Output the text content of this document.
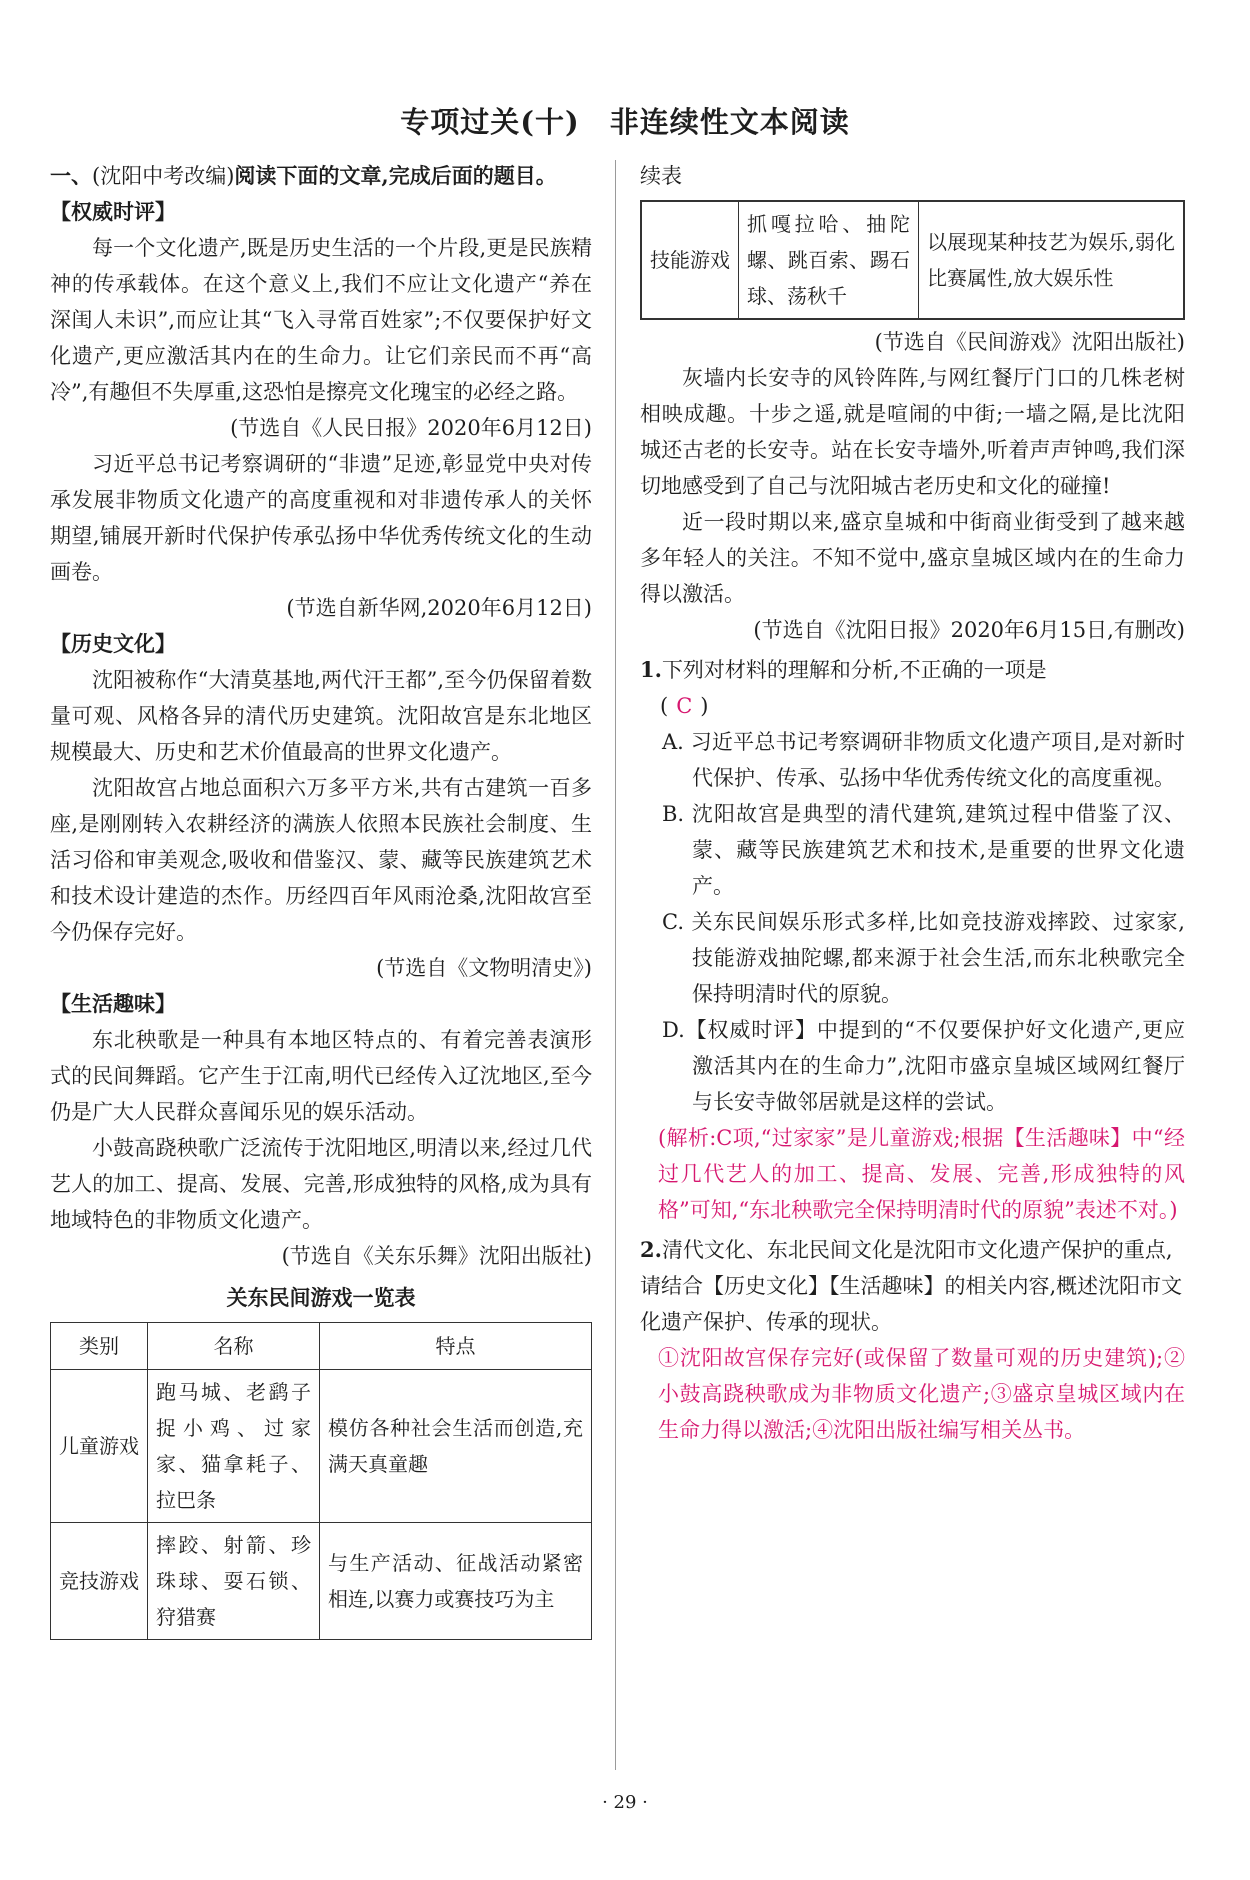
专项过关(十)　非连续性文本阅读
一、(沈阳中考改编)阅读下面的文章,完成后面的题目。
【权威时评】
每一个文化遗产,既是历史生活的一个片段,更是民族精神的传承载体。在这个意义上,我们不应让文化遗产“养在深闺人未识”,而应让其“飞入寻常百姓家”;不仅要保护好文化遗产,更应激活其内在的生命力。让它们亲民而不再“高冷”,有趣但不失厚重,这恐怕是擦亮文化瑰宝的必经之路。
(节选自《人民日报》2020年6月12日)
习近平总书记考察调研的“非遗”足迹,彰显党中央对传承发展非物质文化遗产的高度重视和对非遗传承人的关怀期望,铺展开新时代保护传承弘扬中华优秀传统文化的生动画卷。
(节选自新华网,2020年6月12日)
【历史文化】
沈阳被称作“大清莫基地,两代汗王都”,至今仍保留着数量可观、风格各异的清代历史建筑。沈阳故宫是东北地区规模最大、历史和艺术价值最高的世界文化遗产。
沈阳故宫占地总面积六万多平方米,共有古建筑一百多座,是刚刚转入农耕经济的满族人依照本民族社会制度、生活习俗和审美观念,吸收和借鉴汉、蒙、藏等民族建筑艺术和技术设计建造的杰作。历经四百年风雨沧桑,沈阳故宫至今仍保存完好。
(节选自《文物明清史》)
【生活趣味】
东北秧歌是一种具有本地区特点的、有着完善表演形式的民间舞蹈。它产生于江南,明代已经传入辽沈地区,至今仍是广大人民群众喜闻乐见的娱乐活动。
小鼓高跷秧歌广泛流传于沈阳地区,明清以来,经过几代艺人的加工、提高、发展、完善,形成独特的风格,成为具有地域特色的非物质文化遗产。
(节选自《关东乐舞》沈阳出版社)
关东民间游戏一览表
类别	名称	特点
儿童游戏	跑马城、老鹞子捉小鸡、过家家、猫拿耗子、拉巴条	模仿各种社会生活而创造,充满天真童趣
竞技游戏	摔跤、射箭、珍珠球、耍石锁、狩猎赛	与生产活动、征战活动紧密相连,以赛力或赛技巧为主
续表
技能游戏	抓嘎拉哈、抽陀螺、跳百索、踢石球、荡秋千	以展现某种技艺为娱乐,弱化比赛属性,放大娱乐性
(节选自《民间游戏》沈阳出版社)
灰墙内长安寺的风铃阵阵,与网红餐厅门口的几株老树相映成趣。十步之遥,就是喧闹的中街;一墙之隔,是比沈阳城还古老的长安寺。站在长安寺墙外,听着声声钟鸣,我们深切地感受到了自己与沈阳城古老历史和文化的碰撞!
近一段时期以来,盛京皇城和中街商业街受到了越来越多年轻人的关注。不知不觉中,盛京皇城区域内在的生命力得以激活。
(节选自《沈阳日报》2020年6月15日,有删改)
1.下列对材料的理解和分析,不正确的一项是
( C )
A. 习近平总书记考察调研非物质文化遗产项目,是对新时代保护、传承、弘扬中华优秀传统文化的高度重视。
B. 沈阳故宫是典型的清代建筑,建筑过程中借鉴了汉、蒙、藏等民族建筑艺术和技术,是重要的世界文化遗产。
C. 关东民间娱乐形式多样,比如竞技游戏摔跤、过家家,技能游戏抽陀螺,都来源于社会生活,而东北秧歌完全保持明清时代的原貌。
D.【权威时评】中提到的“不仅要保护好文化遗产,更应激活其内在的生命力”,沈阳市盛京皇城区域网红餐厅与长安寺做邻居就是这样的尝试。
(解析:C项,“过家家”是儿童游戏;根据【生活趣味】中“经过几代艺人的加工、提高、发展、完善,形成独特的风格”可知,“东北秧歌完全保持明清时代的原貌”表述不对。)
2.清代文化、东北民间文化是沈阳市文化遗产保护的重点,请结合【历史文化】【生活趣味】的相关内容,概述沈阳市文化遗产保护、传承的现状。
①沈阳故宫保存完好(或保留了数量可观的历史建筑);②小鼓高跷秧歌成为非物质文化遗产;③盛京皇城区域内在生命力得以激活;④沈阳出版社编写相关丛书。
· 29 ·
